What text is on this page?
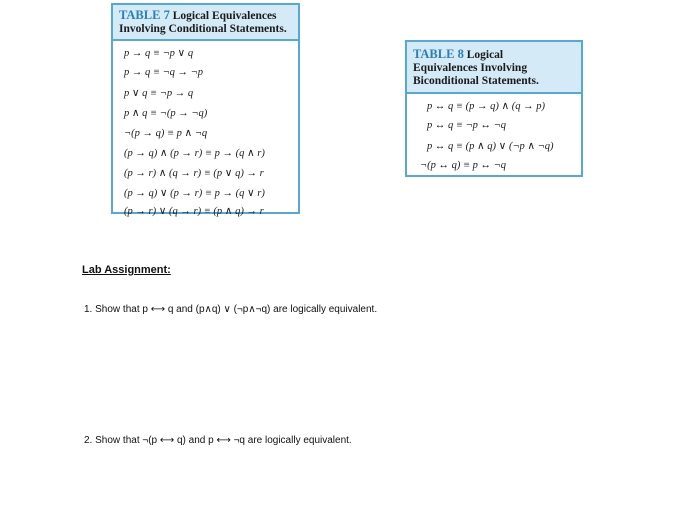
TABLE 7 Logical Equivalences
Involving Conditional Statements.
p → q ≡ ¬p ∨ q
p → q ≡ ¬q → ¬p
p ∨ q ≡ ¬p → q
p ∧ q ≡ ¬(p → ¬q)
¬(p → q) ≡ p ∧ ¬q
(p → q) ∧ (p → r) ≡ p → (q ∧ r)
(p → r) ∧ (q → r) ≡ (p ∨ q) → r
(p → q) ∨ (p → r) ≡ p → (q ∨ r)
(p → r) ∨ (q → r) ≡ (p ∧ q) → r
TABLE 8 Logical
Equivalences Involving
Biconditional Statements.
p ↔ q ≡ (p → q) ∧ (q → p)
p ↔ q ≡ ¬p ↔ ¬q
p ↔ q ≡ (p ∧ q) ∨ (¬p ∧ ¬q)
¬(p ↔ q) ≡ p ↔ ¬q
Lab Assignment:
1. Show that p ⟷ q and (p∧q) ∨ (¬p∧¬q) are logically equivalent.
2. Show that ¬(p ⟷ q) and p ⟷ ¬q are logically equivalent.
